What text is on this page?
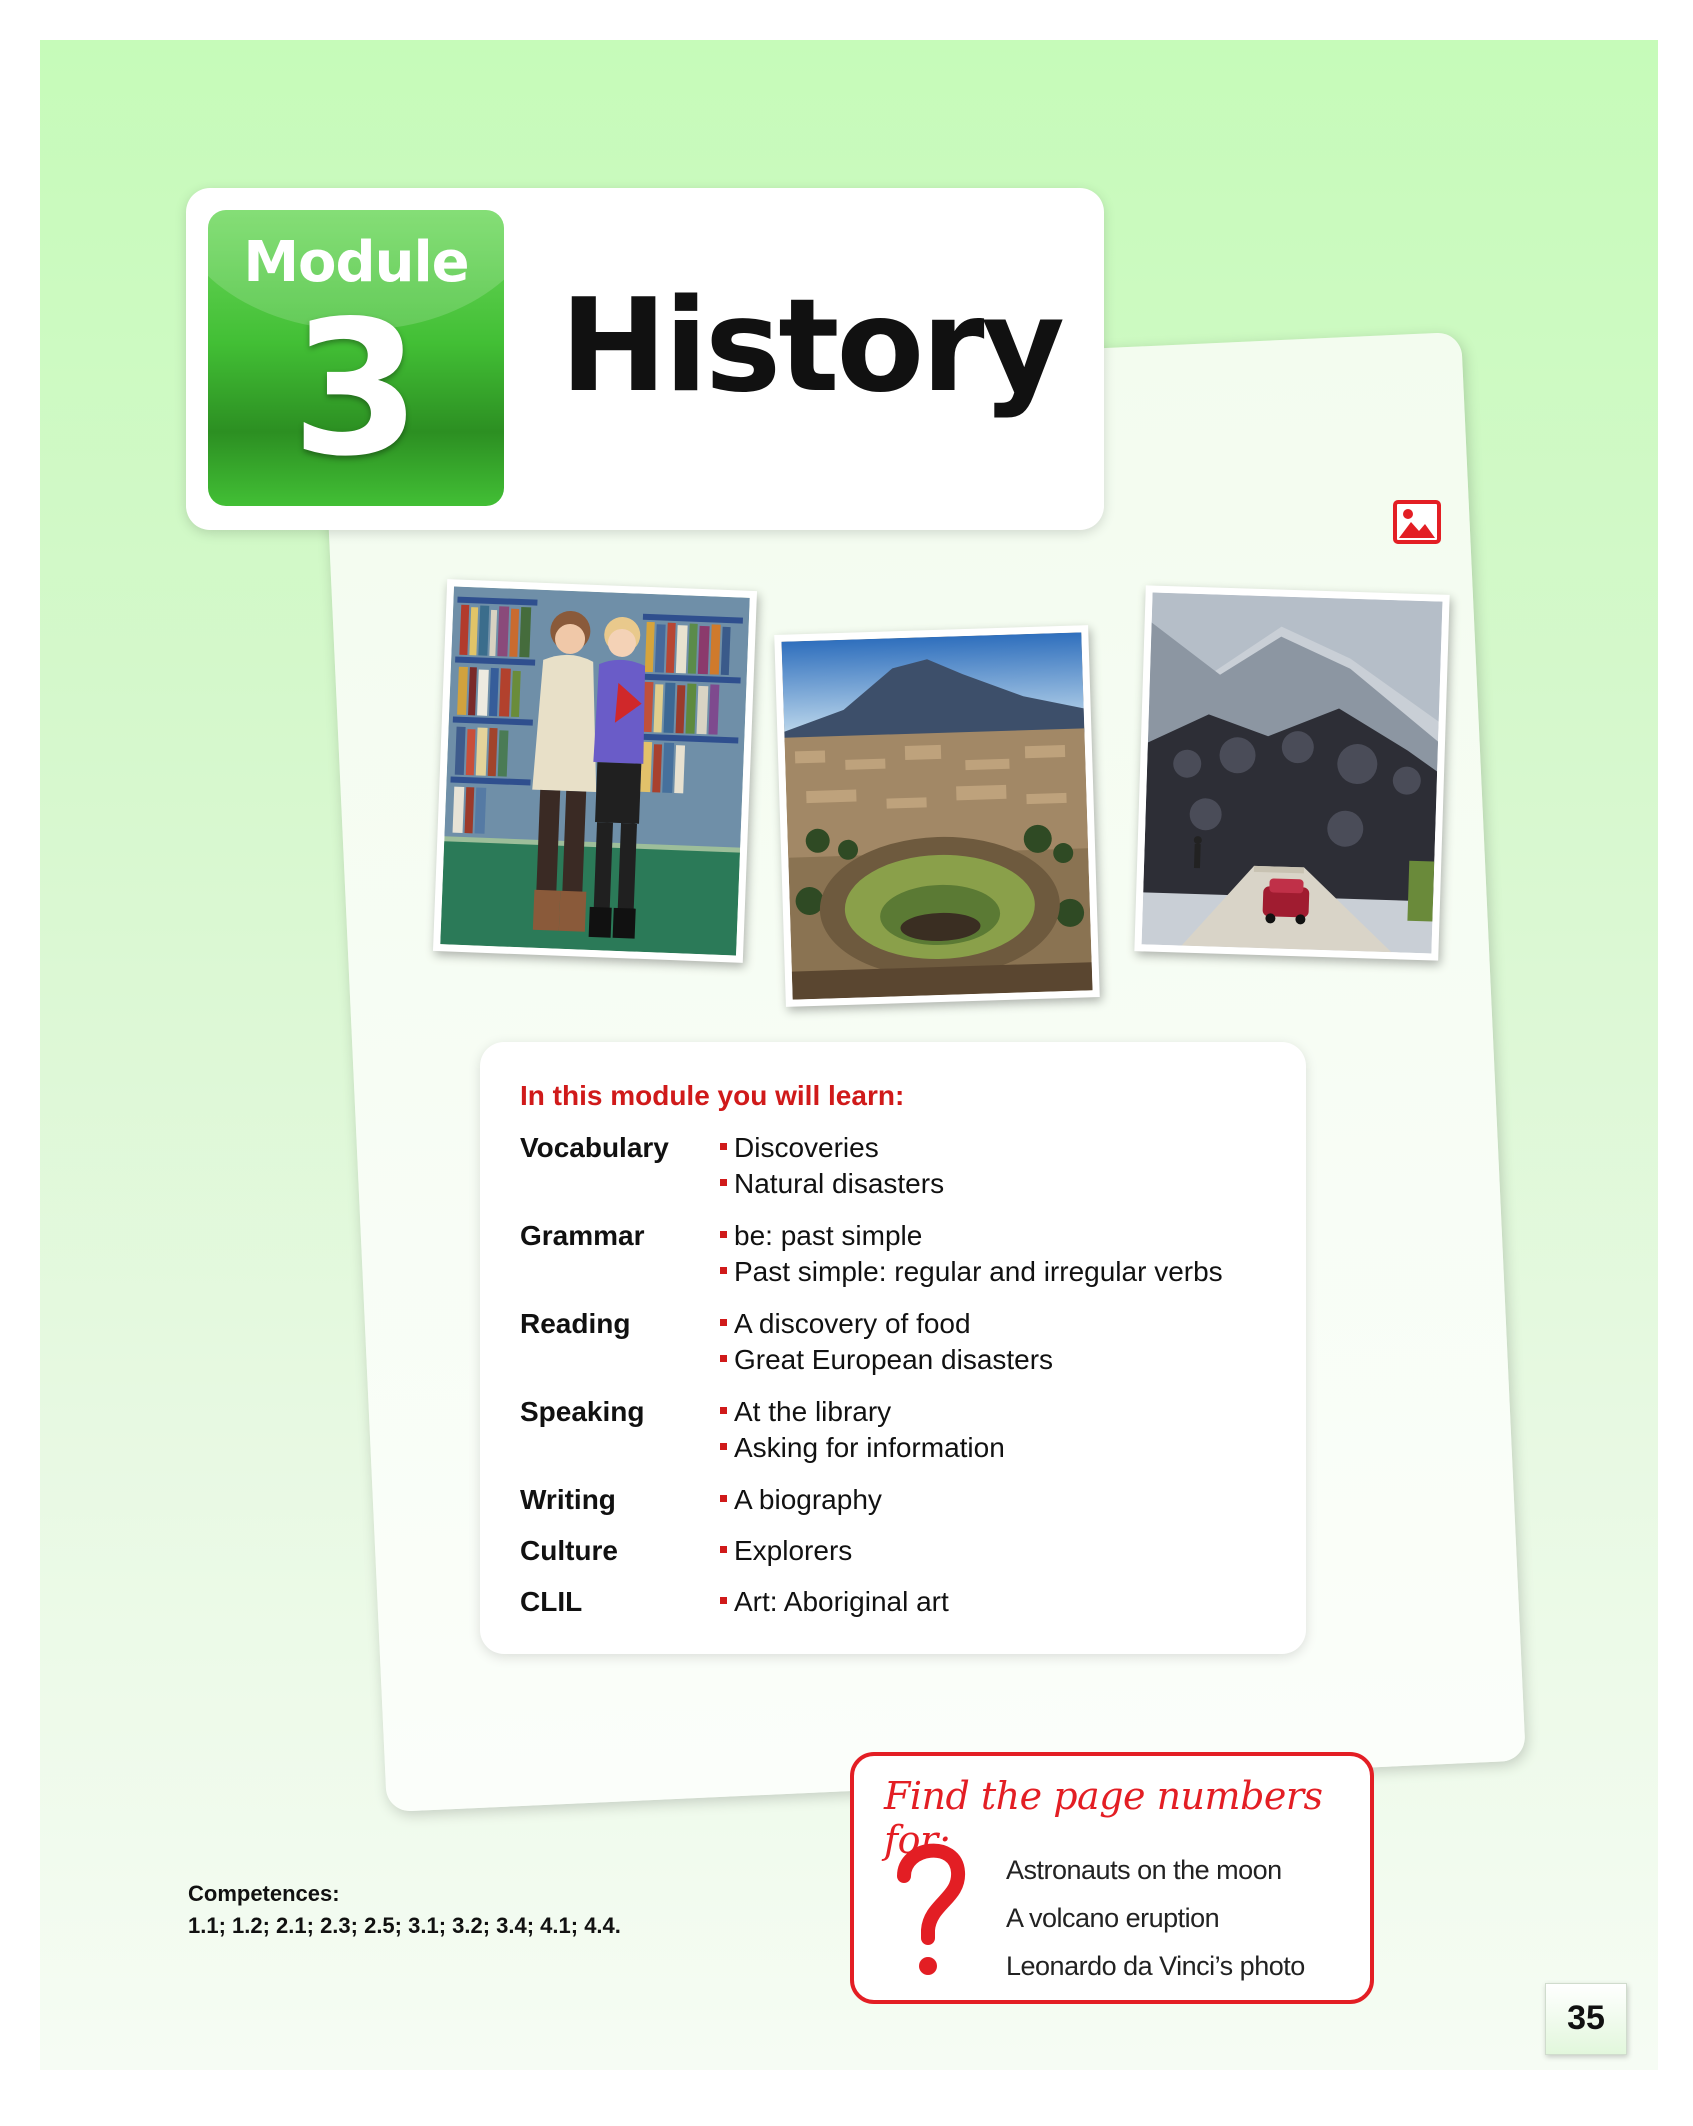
Module
3	History
In this module you will learn:
Vocabulary	Discoveries
Natural disasters
Grammar	be: past simple
Past simple: regular and irregular verbs
Reading	A discovery of food
Great European disasters
Speaking	At the library
Asking for information
Writing	A biography
Culture	Explorers
CLIL	Art: Aboriginal art
Find the page numbers for:
Astronauts on the moon
A volcano eruption
Leonardo da Vinci’s photo
Competences:
1.1; 1.2; 2.1; 2.3; 2.5; 3.1; 3.2; 3.4; 4.1; 4.4.
35
